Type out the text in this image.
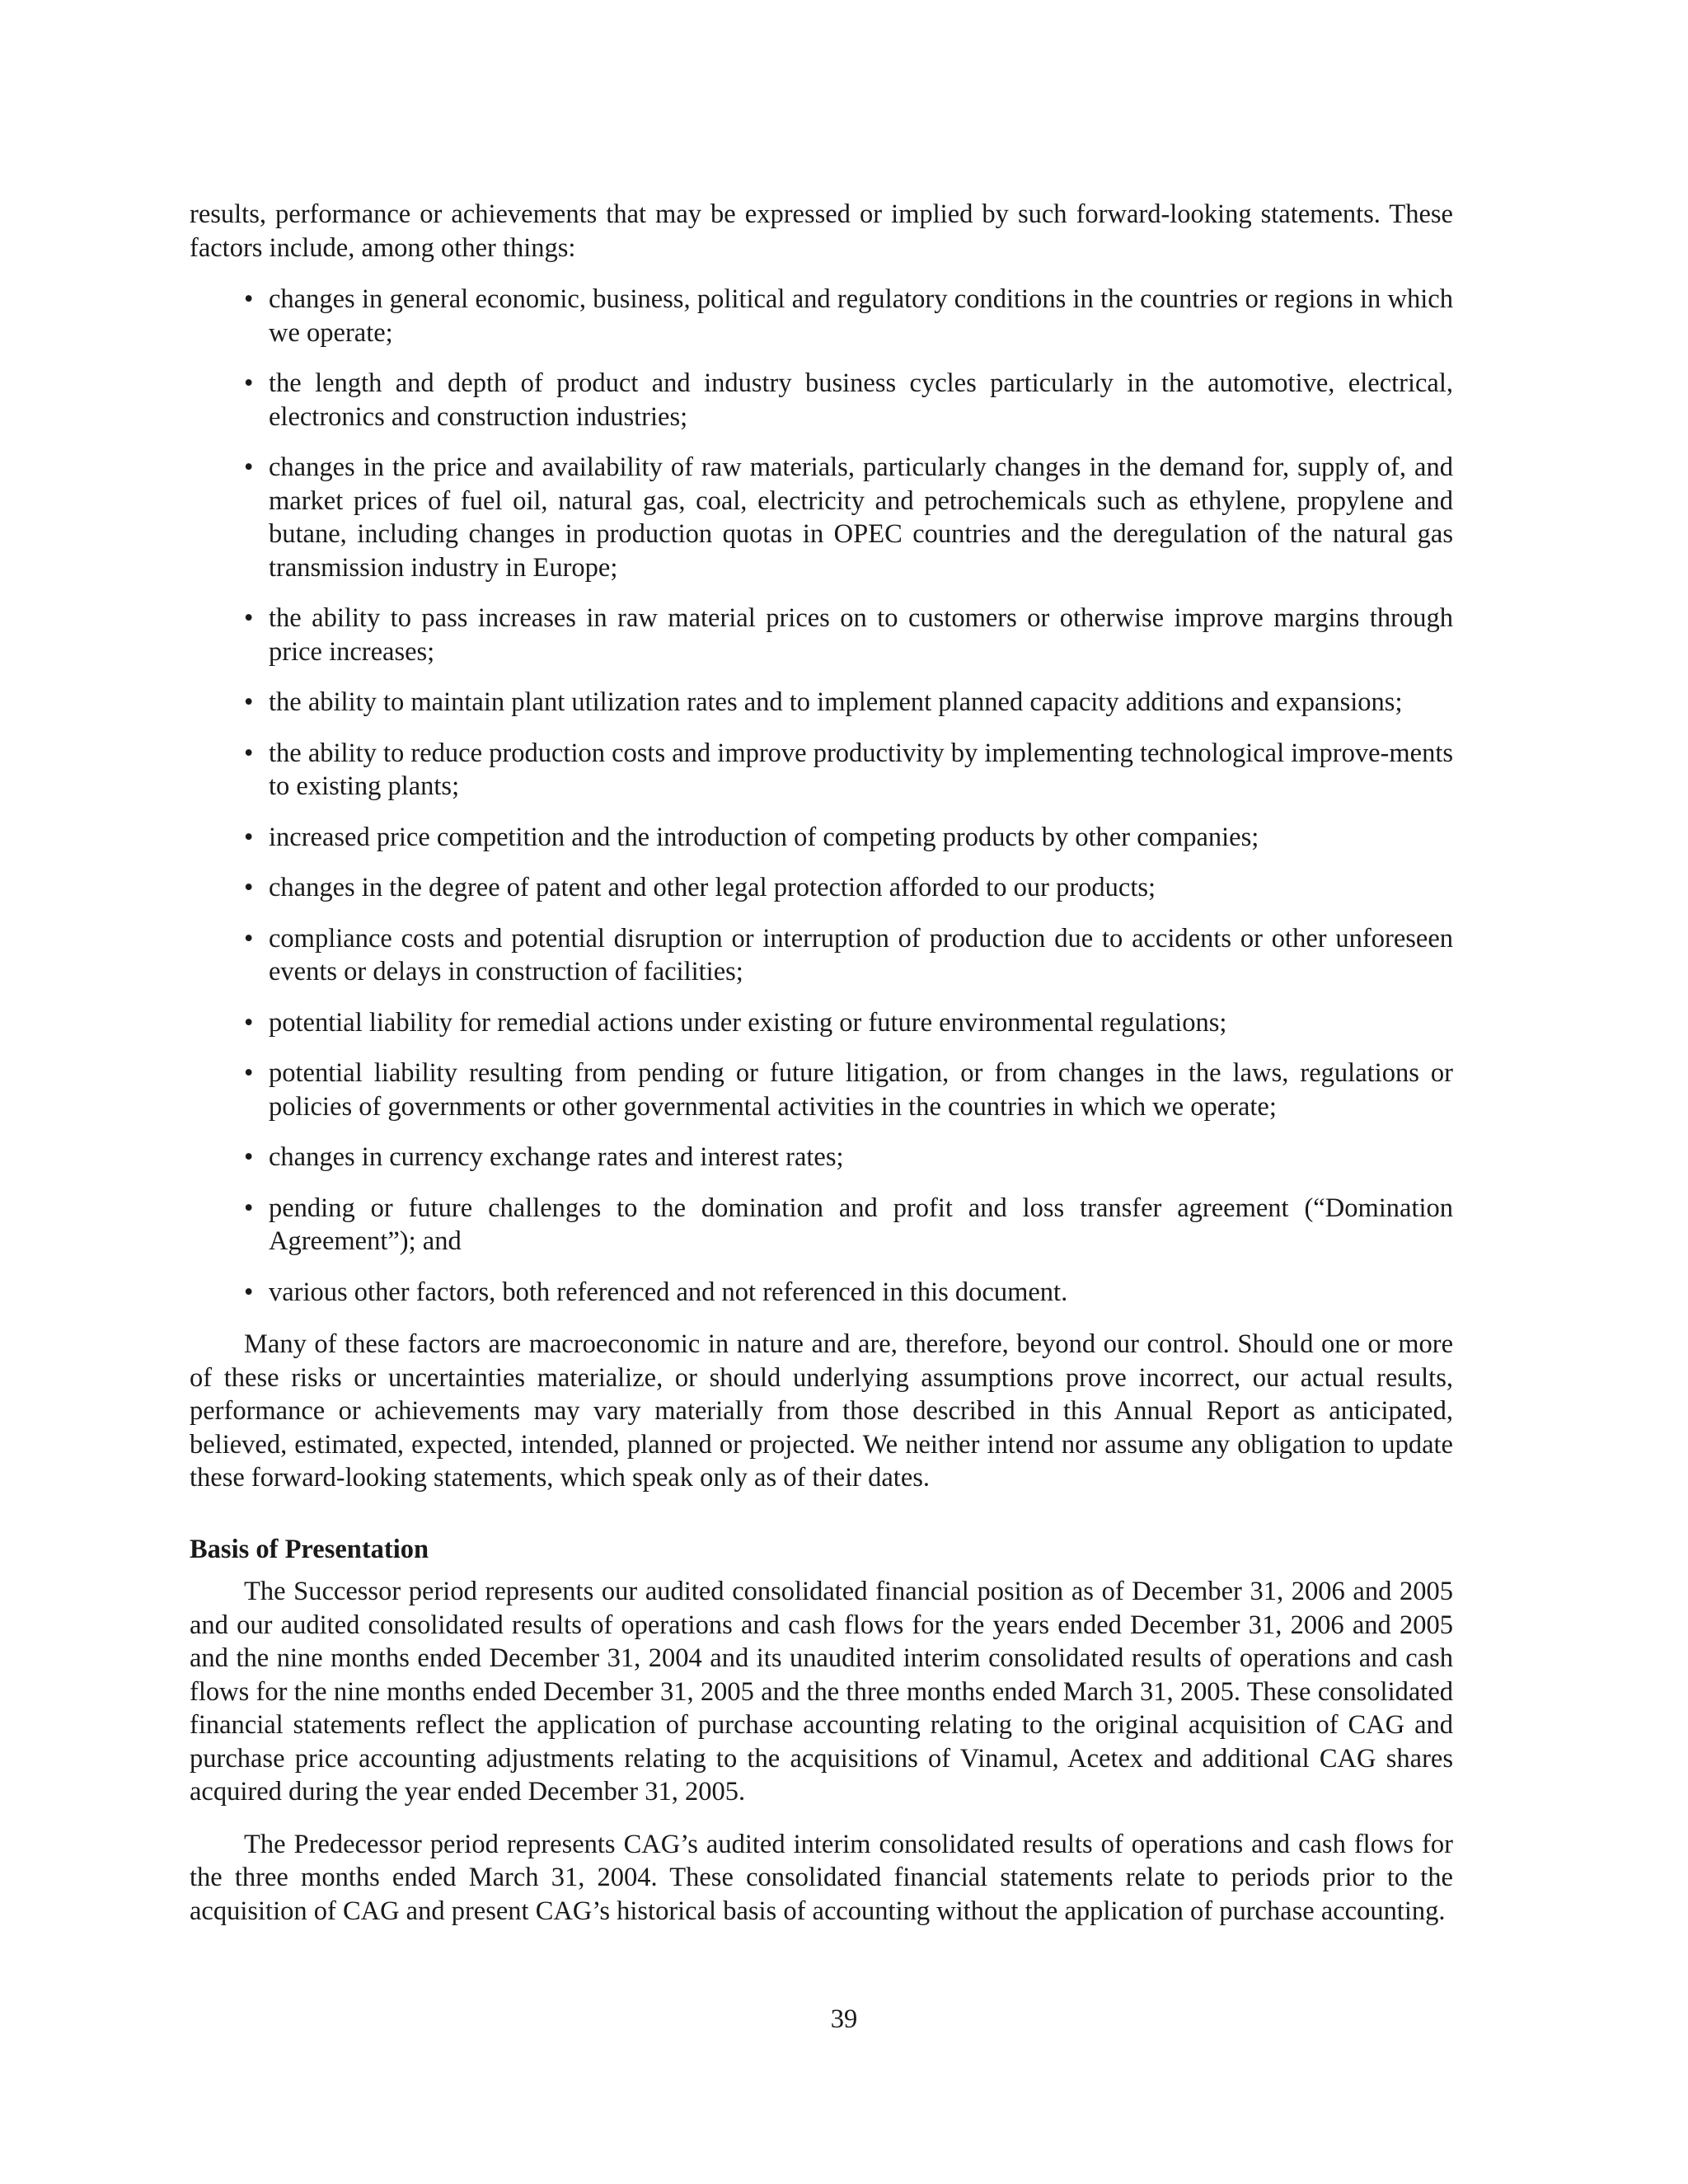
results, performance or achievements that may be expressed or implied by such forward-looking statements. These factors include, among other things:

• changes in general economic, business, political and regulatory conditions in the countries or regions in which we operate;
• the length and depth of product and industry business cycles particularly in the automotive, electrical, electronics and construction industries;
• changes in the price and availability of raw materials, particularly changes in the demand for, supply of, and market prices of fuel oil, natural gas, coal, electricity and petrochemicals such as ethylene, propylene and butane, including changes in production quotas in OPEC countries and the deregulation of the natural gas transmission industry in Europe;
• the ability to pass increases in raw material prices on to customers or otherwise improve margins through price increases;
• the ability to maintain plant utilization rates and to implement planned capacity additions and expansions;
• the ability to reduce production costs and improve productivity by implementing technological improve-ments to existing plants;
• increased price competition and the introduction of competing products by other companies;
• changes in the degree of patent and other legal protection afforded to our products;
• compliance costs and potential disruption or interruption of production due to accidents or other unforeseen events or delays in construction of facilities;
• potential liability for remedial actions under existing or future environmental regulations;
• potential liability resulting from pending or future litigation, or from changes in the laws, regulations or policies of governments or other governmental activities in the countries in which we operate;
• changes in currency exchange rates and interest rates;
• pending or future challenges to the domination and profit and loss transfer agreement (“Domination Agreement”); and
• various other factors, both referenced and not referenced in this document.

Many of these factors are macroeconomic in nature and are, therefore, beyond our control. Should one or more of these risks or uncertainties materialize, or should underlying assumptions prove incorrect, our actual results, performance or achievements may vary materially from those described in this Annual Report as anticipated, believed, estimated, expected, intended, planned or projected. We neither intend nor assume any obligation to update these forward-looking statements, which speak only as of their dates.

Basis of Presentation

The Successor period represents our audited consolidated financial position as of December 31, 2006 and 2005 and our audited consolidated results of operations and cash flows for the years ended December 31, 2006 and 2005 and the nine months ended December 31, 2004 and its unaudited interim consolidated results of operations and cash flows for the nine months ended December 31, 2005 and the three months ended March 31, 2005. These consolidated financial statements reflect the application of purchase accounting relating to the original acquisition of CAG and purchase price accounting adjustments relating to the acquisitions of Vinamul, Acetex and additional CAG shares acquired during the year ended December 31, 2005.

The Predecessor period represents CAG’s audited interim consolidated results of operations and cash flows for the three months ended March 31, 2004. These consolidated financial statements relate to periods prior to the acquisition of CAG and present CAG’s historical basis of accounting without the application of purchase accounting.

39
